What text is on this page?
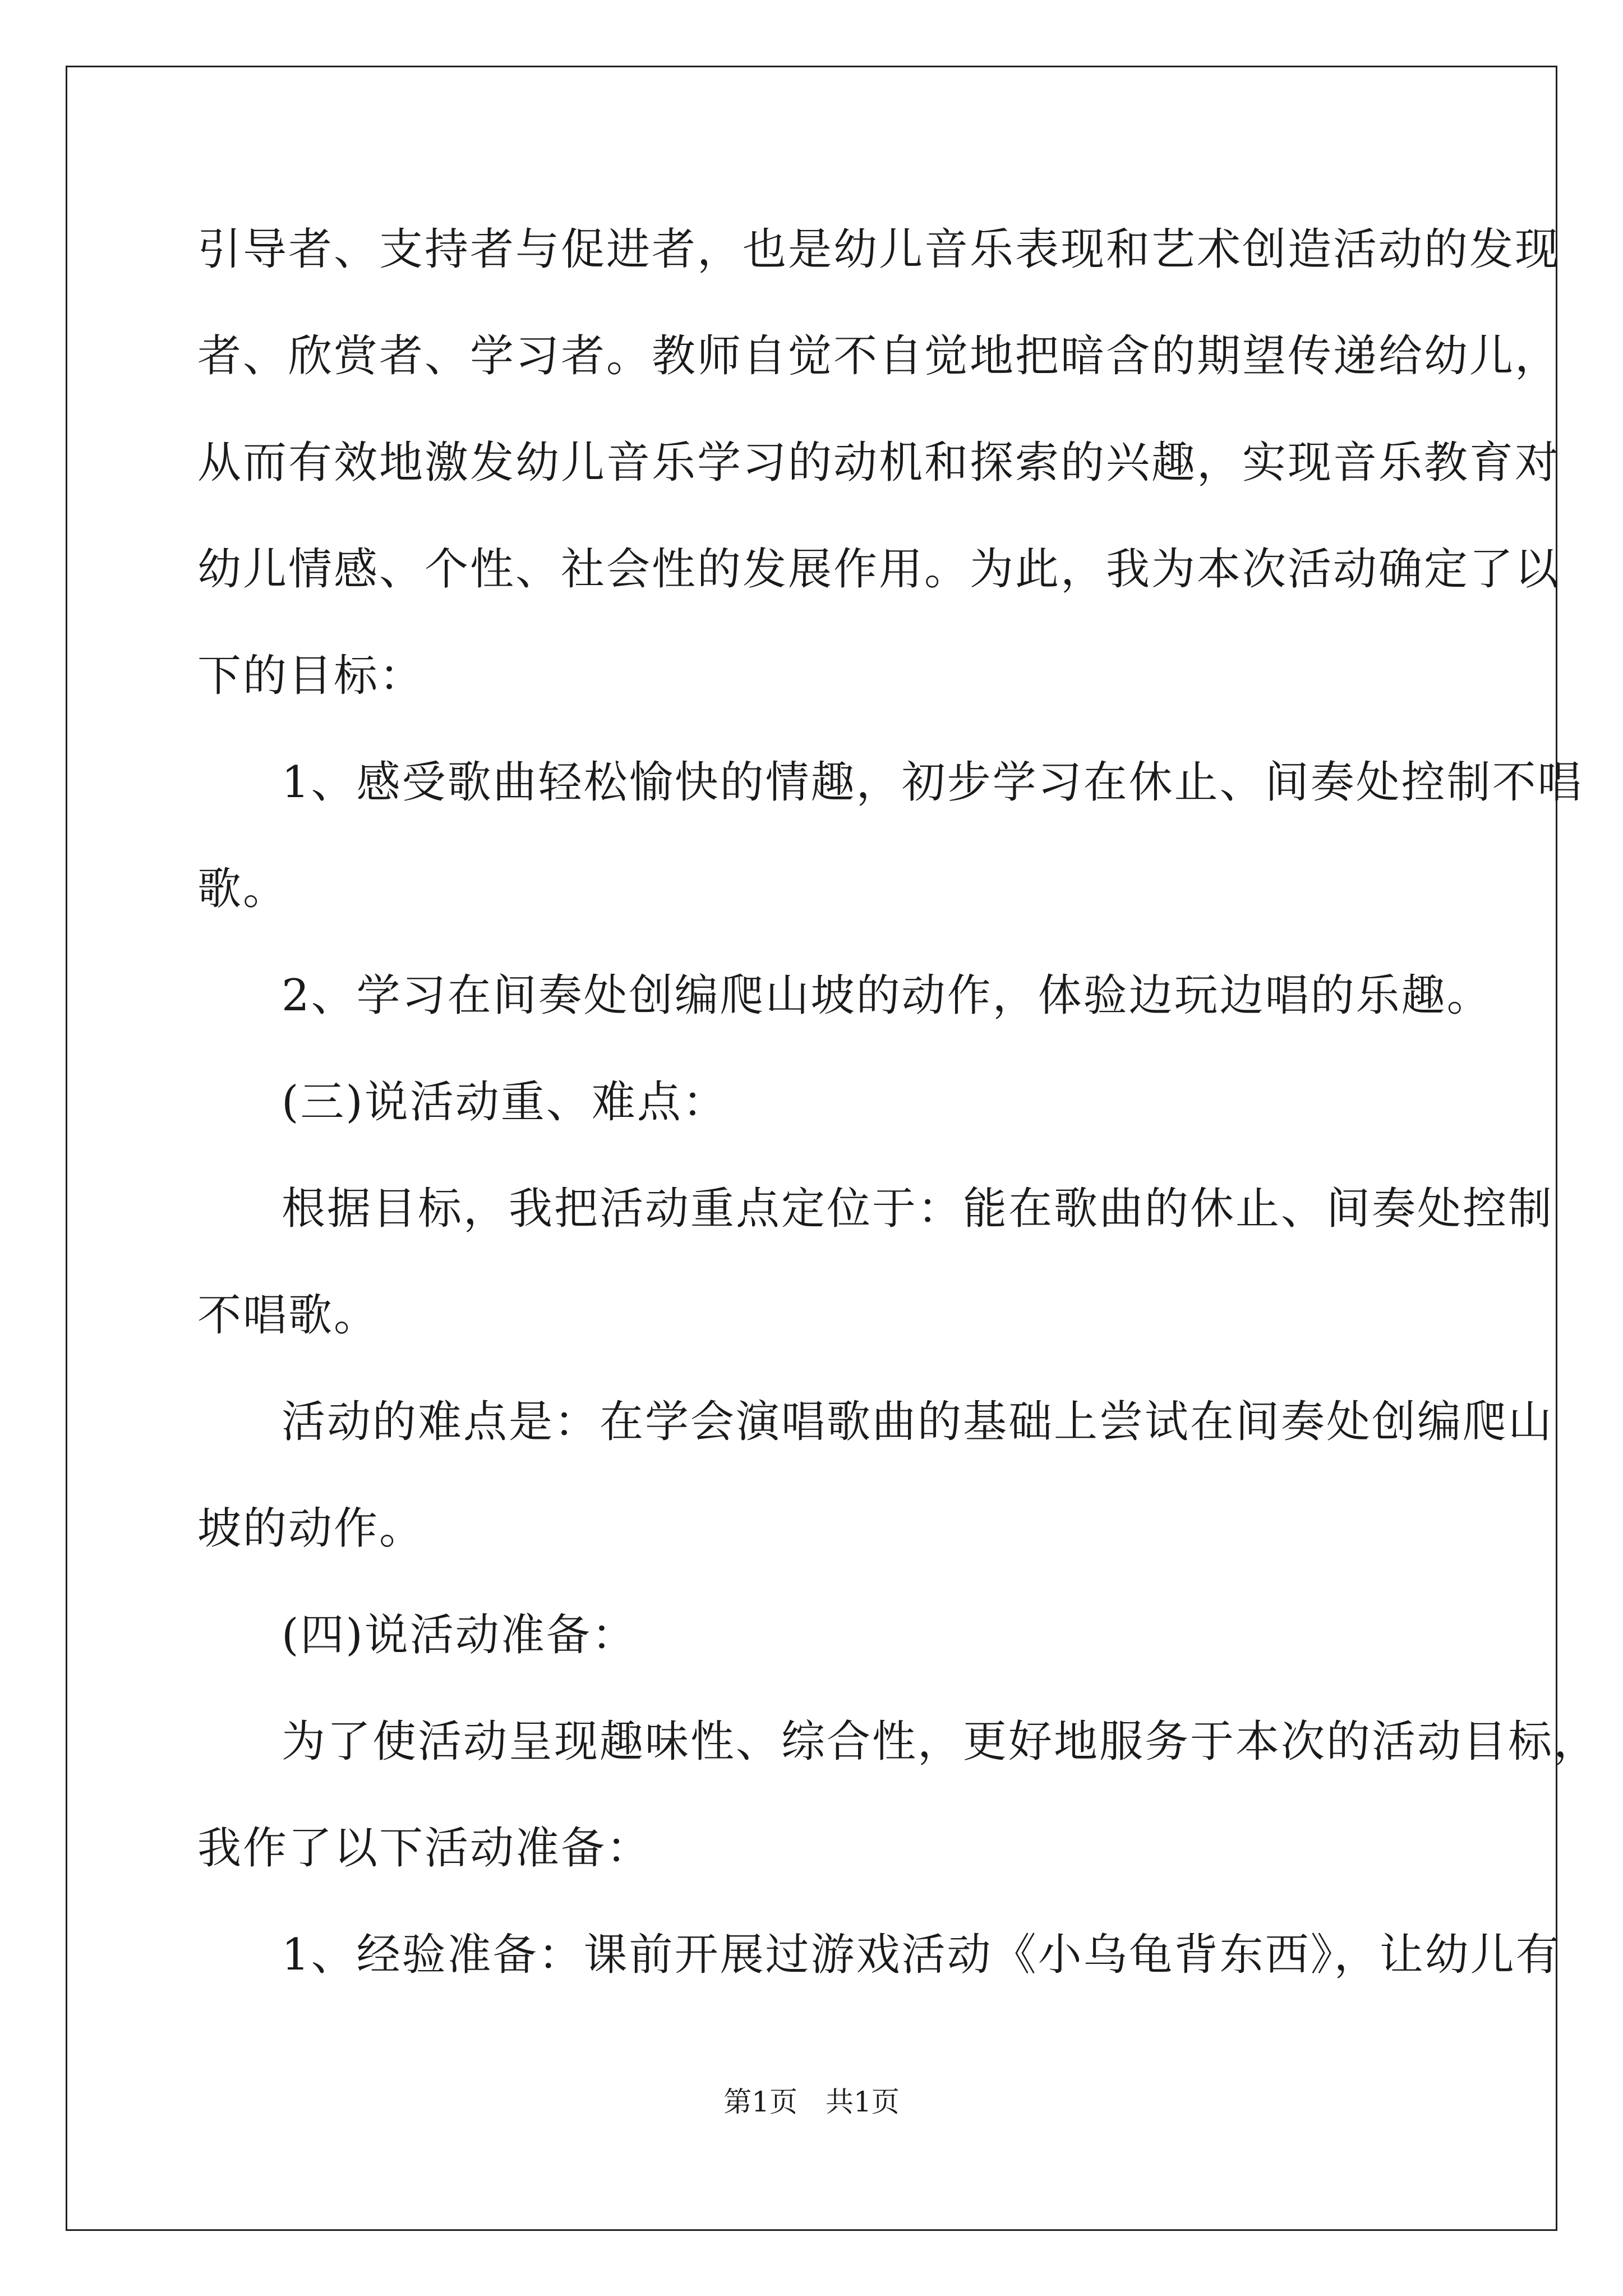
引导者、支持者与促进者，也是幼儿音乐表现和艺术创造活动的发现
者、欣赏者、学习者。教师自觉不自觉地把暗含的期望传递给幼儿，
从而有效地激发幼儿音乐学习的动机和探索的兴趣，实现音乐教育对
幼儿情感、个性、社会性的发展作用。为此，我为本次活动确定了以
下的目标：
1、感受歌曲轻松愉快的情趣，初步学习在休止、间奏处控制不唱
歌。
2、学习在间奏处创编爬山坡的动作，体验边玩边唱的乐趣。
(三)说活动重、难点：
根据目标，我把活动重点定位于：能在歌曲的休止、间奏处控制
不唱歌。
活动的难点是：在学会演唱歌曲的基础上尝试在间奏处创编爬山
坡的动作。
(四)说活动准备：
为了使活动呈现趣味性、综合性，更好地服务于本次的活动目标，
我作了以下活动准备：
1、经验准备：课前开展过游戏活动《小乌龟背东西》，让幼儿有
第1页 共1页
